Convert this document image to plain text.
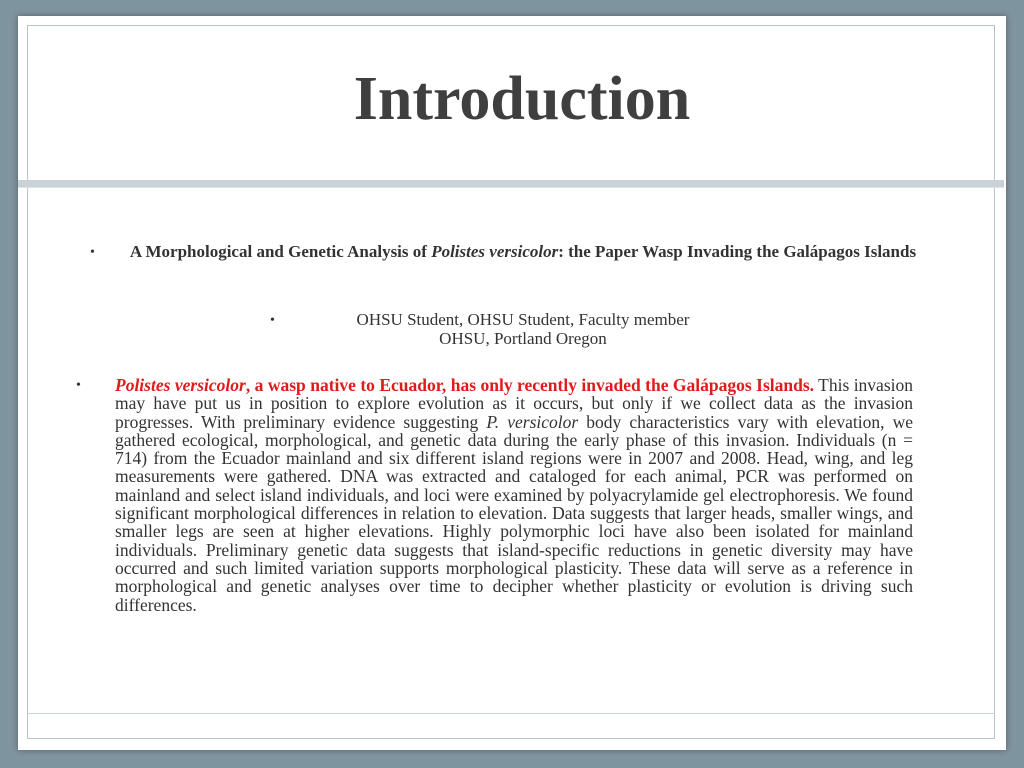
Introduction
•	A Morphological and Genetic Analysis of Polistes versicolor: the Paper Wasp Invading the Galápagos Islands
•	OHSU Student, OHSU Student, Faculty member
OHSU, Portland Oregon
• Polistes versicolor, a wasp native to Ecuador, has only recently invaded the Galápagos Islands. This invasion may have put us in position to explore evolution as it occurs, but only if we collect data as the invasion progresses. With preliminary evidence suggesting P. versicolor body characteristics vary with elevation, we gathered ecological, morphological, and genetic data during the early phase of this invasion. Individuals (n = 714) from the Ecuador mainland and six different island regions were in 2007 and 2008. Head, wing, and leg measurements were gathered. DNA was extracted and cataloged for each animal, PCR was performed on mainland and select island individuals, and loci were examined by polyacrylamide gel electrophoresis. We found significant morphological differences in relation to elevation. Data suggests that larger heads, smaller wings, and smaller legs are seen at higher elevations. Highly polymorphic loci have also been isolated for mainland individuals. Preliminary genetic data suggests that island-specific reductions in genetic diversity may have occurred and such limited variation supports morphological plasticity. These data will serve as a reference in morphological and genetic analyses over time to decipher whether plasticity or evolution is driving such differences.
